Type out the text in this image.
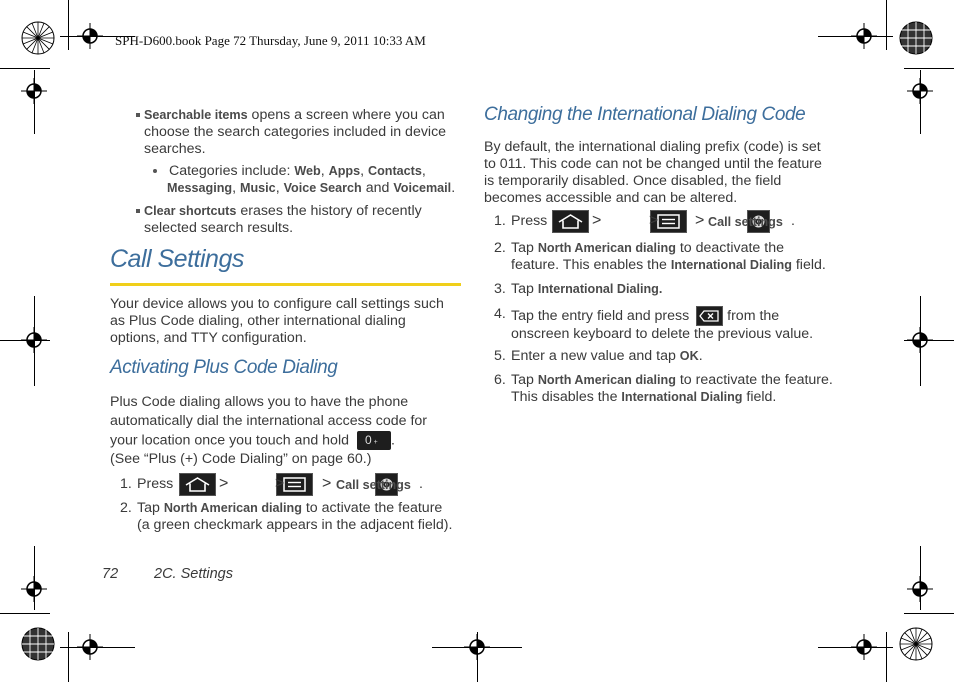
SPH-D600.book Page 72 Thursday, June 9, 2011 10:33 AM
Searchable items opens a screen where you can
choose the search categories included in device
searches.
Categories include: Web, Apps, Contacts,
Messaging, Music, Voice Search and Voicemail.
Clear shortcuts erases the history of recently
selected search results.
Call Settings
Your device allows you to configure call settings such
as Plus Code dialing, other international dialing
options, and TTY configuration.
Activating Plus Code Dialing
Plus Code dialing allows you to have the phone
automatically dial the international access code for
your location once you touch and hold 0 + .
(See “Plus (+) Code Dialing” on page 60.)
1. Press
	>
	> > Call settings .
2. Tap North American dialing to activate the feature
(a green checkmark appears in the adjacent field).
Changing the International Dialing Code
By default, the international dialing prefix (code) is set
to 011. This code can not be changed until the feature
is temporarily disabled. Once disabled, the field
becomes accessible and can be altered.
1. Press
	>
	> > Call settings .
2. Tap North American dialing to deactivate the
feature. This enables the International Dialing field.
3. Tap International Dialing.
4. Tap the entry field and press
from the
onscreen keyboard to delete the previous value.
5. Enter a new value and tap OK.
6. Tap North American dialing to reactivate the feature.
This disables the International Dialing field.
72 2C. Settings
